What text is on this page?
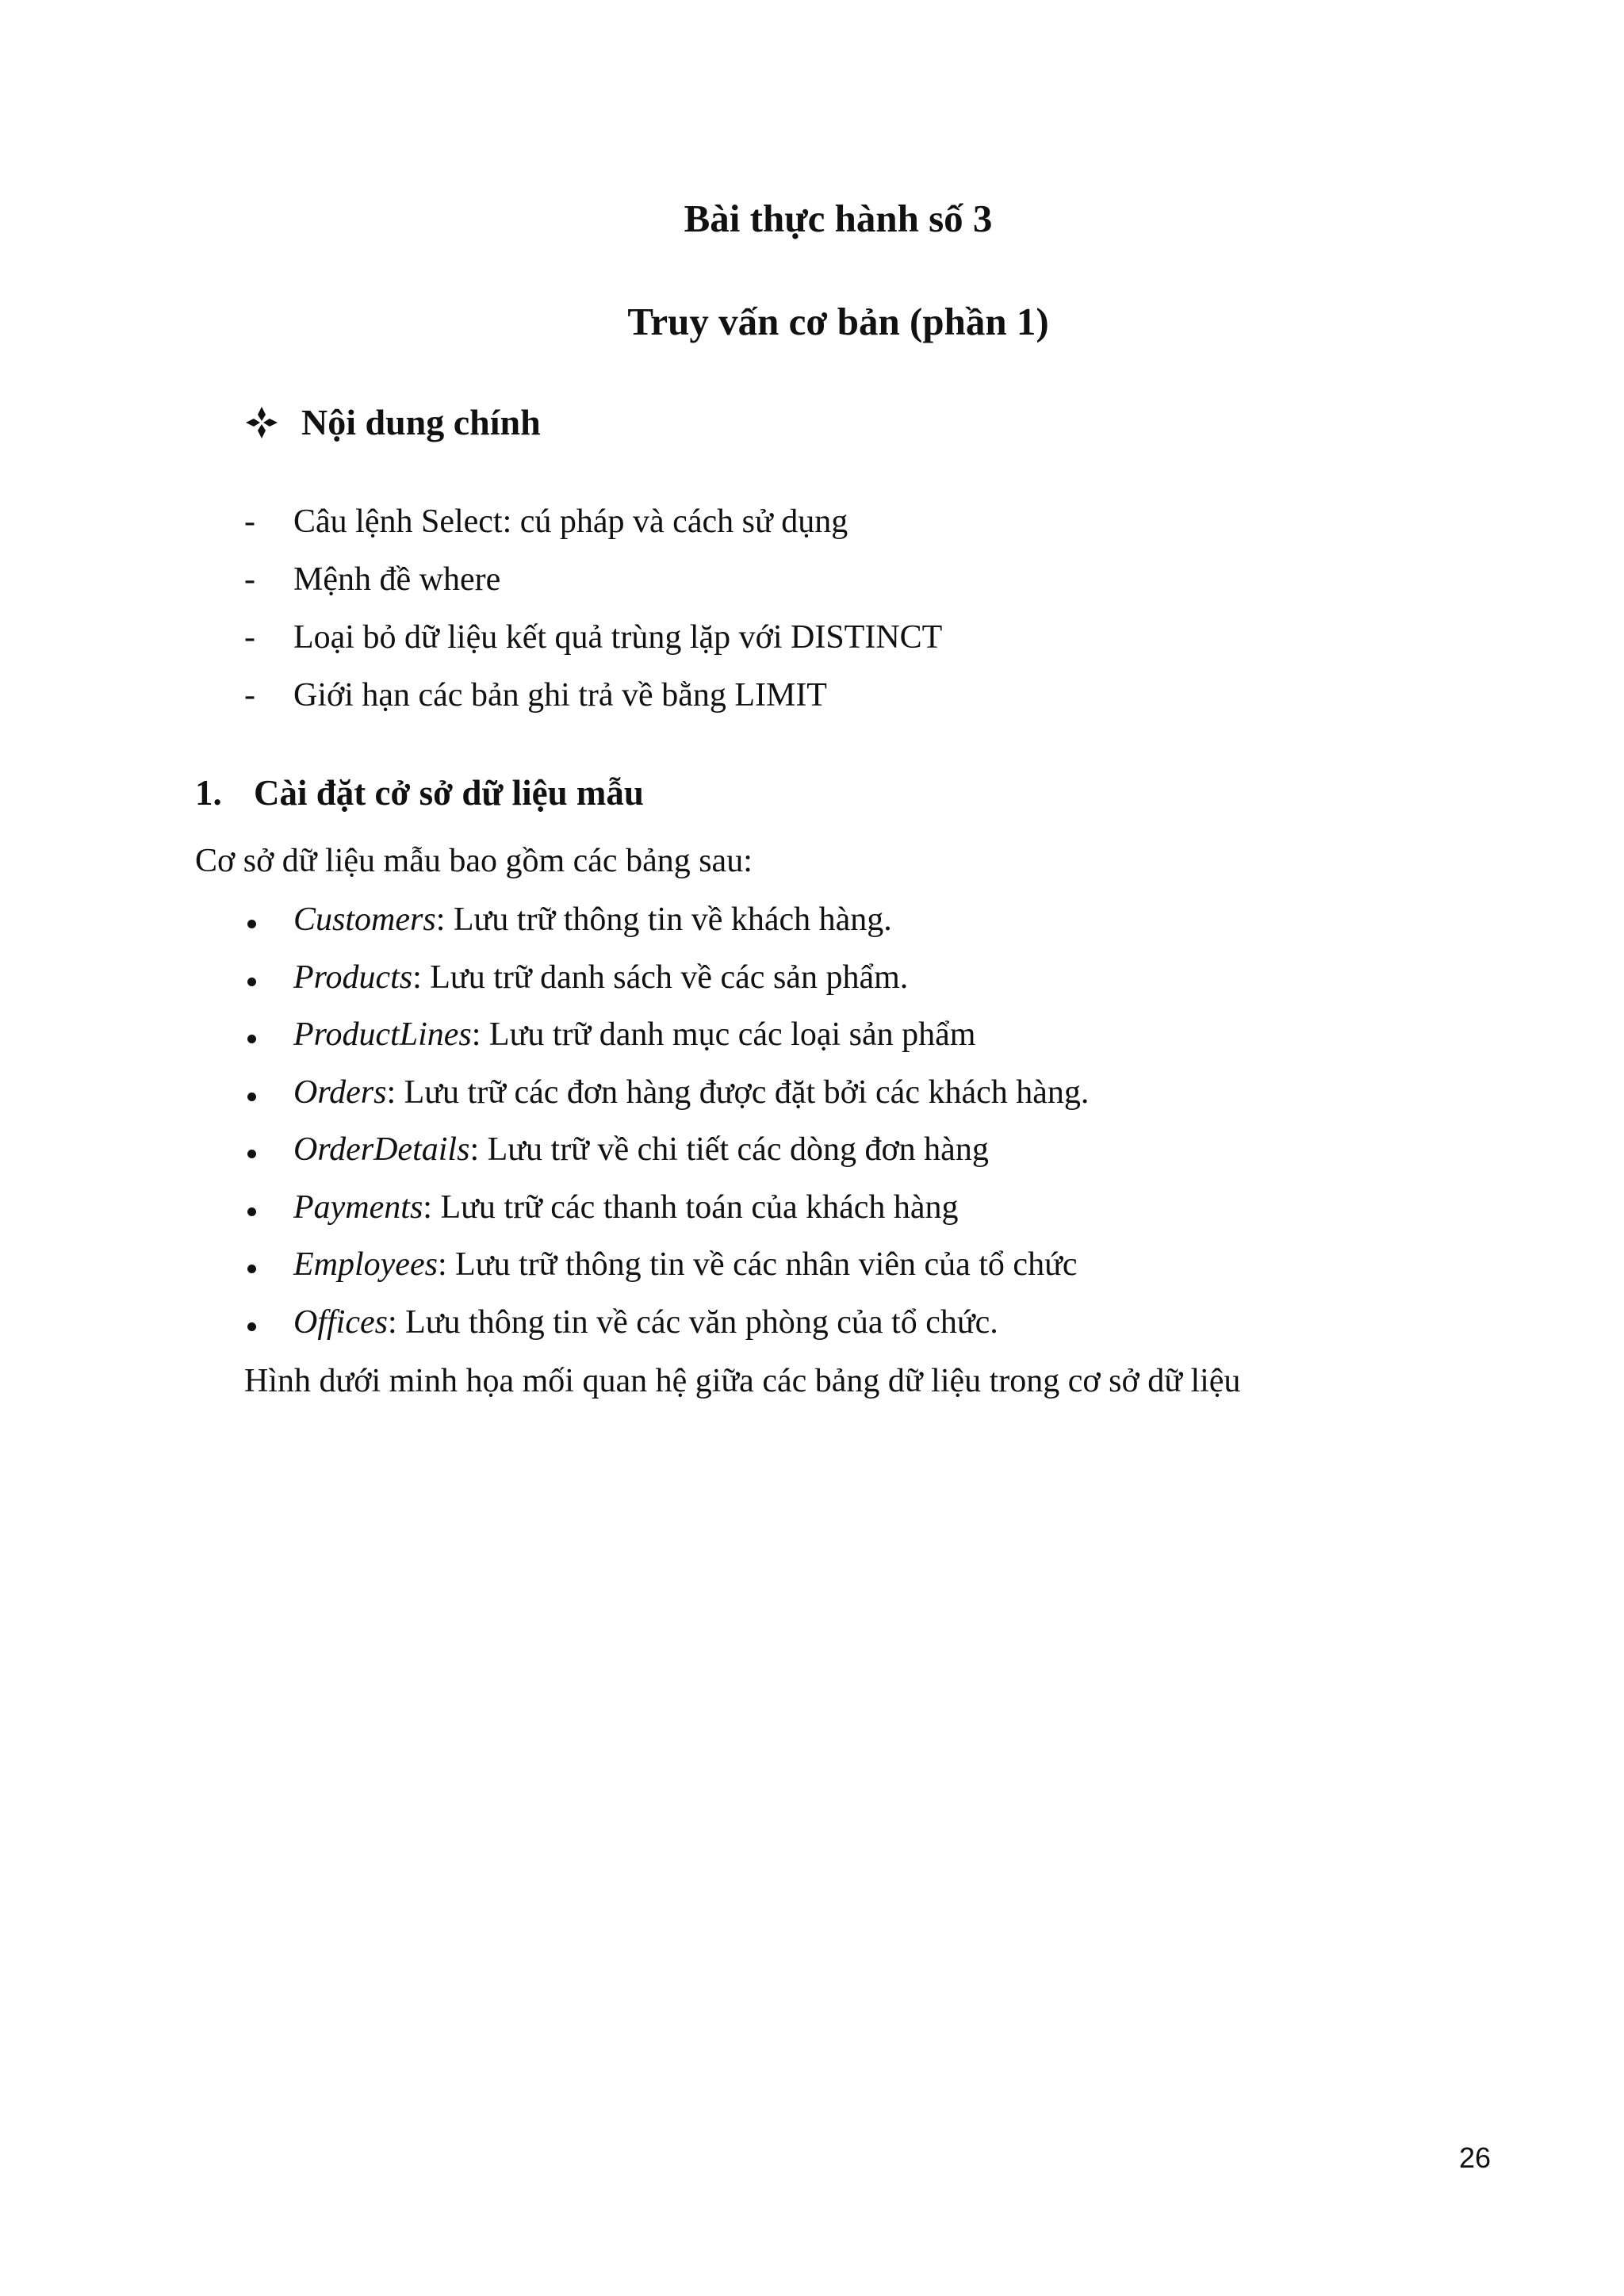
Bài thực hành số 3
Truy vấn cơ bản (phần 1)
Nội dung chính
-	Câu lệnh Select: cú pháp và cách sử dụng
-	Mệnh đề where
-	Loại bỏ dữ liệu kết quả trùng lặp với DISTINCT
-	Giới hạn các bản ghi trả về bằng LIMIT
1. Cài đặt cở sở dữ liệu mẫu

Cơ sở dữ liệu mẫu bao gồm các bảng sau:

Customers: Lưu trữ thông tin về khách hàng.
Products: Lưu trữ danh sách về các sản phẩm.
ProductLines: Lưu trữ danh mục các loại sản phẩm
Orders: Lưu trữ các đơn hàng được đặt bởi các khách hàng.
OrderDetails: Lưu trữ về chi tiết các dòng đơn hàng
Payments: Lưu trữ các thanh toán của khách hàng
Employees: Lưu trữ thông tin về các nhân viên của tổ chức
Offices: Lưu thông tin về các văn phòng của tổ chức.

Hình dưới minh họa mối quan hệ giữa các bảng dữ liệu trong cơ sở dữ liệu

26
